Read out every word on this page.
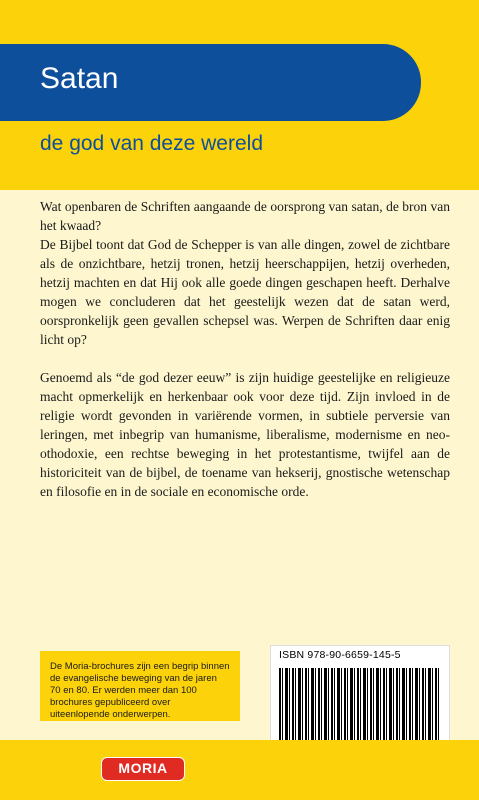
Satan
de god van deze wereld

Wat openbaren de Schriften aangaande de oorsprong van satan, de bron van het kwaad?

De Bijbel toont dat God de Schepper is van alle dingen, zowel de zichtbare als de onzichtbare, hetzij tronen, hetzij heerschappijen, hetzij overheden, hetzij machten en dat Hij ook alle goede dingen geschapen heeft. Derhalve mogen we concluderen dat het geestelijk wezen dat de satan werd, oorspronkelijk geen gevallen schepsel was. Werpen de Schriften daar enig licht op?

Genoemd als “de god dezer eeuw” is zijn huidige geestelijke en religieuze macht opmerkelijk en herkenbaar ook voor deze tijd. Zijn invloed in de religie wordt gevonden in variërende vormen, in subtiele perversie van leringen, met inbegrip van humanisme, liberalisme, modernisme en neo-othodoxie, een rechtse beweging in het protestantisme, twijfel aan de historiciteit van de bijbel, de toename van hekserij, gnostische wetenschap en filosofie en in de sociale en economische orde.

De Moria-brochures zijn een begrip binnen de evangelische beweging van de jaren 70 en 80. Er werden meer dan 100 brochures gepubliceerd over uiteenlopende onderwerpen.

ISBN 978-90-6659-145-5

MORIA
